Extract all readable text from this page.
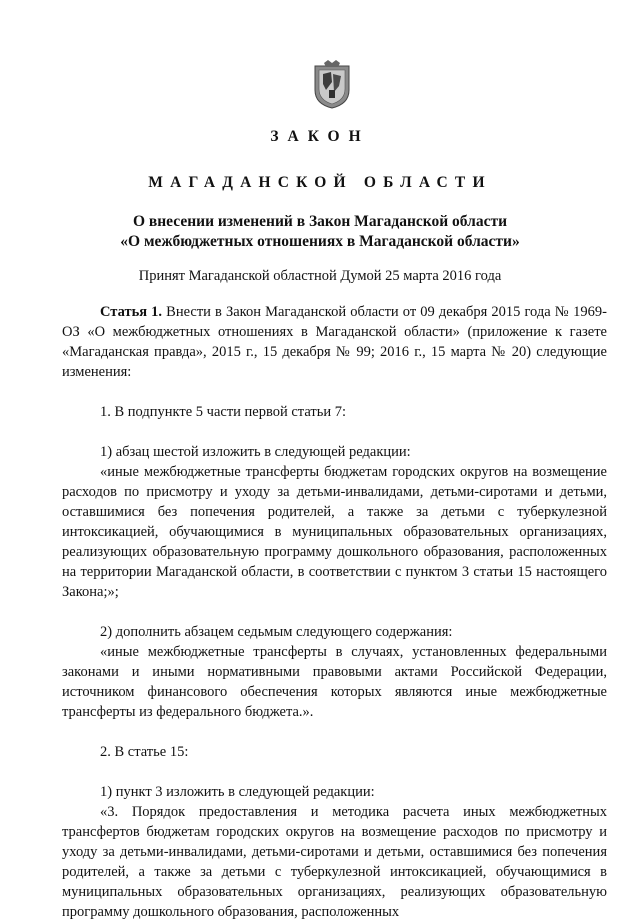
ЗАКОН
МАГАДАНСКОЙ ОБЛАСТИ
О внесении изменений в Закон Магаданской области
«О межбюджетных отношениях в Магаданской области»
Принят Магаданской областной Думой 25 марта 2016 года

Статья 1. Внести в Закон Магаданской области от 09 декабря 2015 года № 1969-ОЗ «О межбюджетных отношениях в Магаданской области» (приложение к газете «Магаданская правда», 2015 г., 15 декабря № 99; 2016 г., 15 марта № 20) следующие изменения:

1. В подпункте 5 части первой статьи 7:

1) абзац шестой изложить в следующей редакции:

«иные межбюджетные трансферты бюджетам городских округов на возмещение расходов по присмотру и уходу за детьми-инвалидами, детьми-сиротами и детьми, оставшимися без попечения родителей, а также за детьми с туберкулезной интоксикацией, обучающимися в муниципальных образовательных организациях, реализующих образовательную программу дошкольного образования, расположенных на территории Магаданской области, в соответствии с пунктом 3 статьи 15 настоящего Закона;»;

2) дополнить абзацем седьмым следующего содержания:

«иные межбюджетные трансферты в случаях, установленных федеральными законами и иными нормативными правовыми актами Российской Федерации, источником финансового обеспечения которых являются иные межбюджетные трансферты из федерального бюджета.».

2. В статье 15:

1) пункт 3 изложить в следующей редакции:

«3. Порядок предоставления и методика расчета иных межбюджетных трансфертов бюджетам городских округов на возмещение расходов по присмотру и уходу за детьми-инвалидами, детьми-сиротами и детьми, оставшимися без попечения родителей, а также за детьми с туберкулезной интоксикацией, обучающимися в муниципальных образовательных организациях, реализующих образовательную программу дошкольного образования, расположенных
